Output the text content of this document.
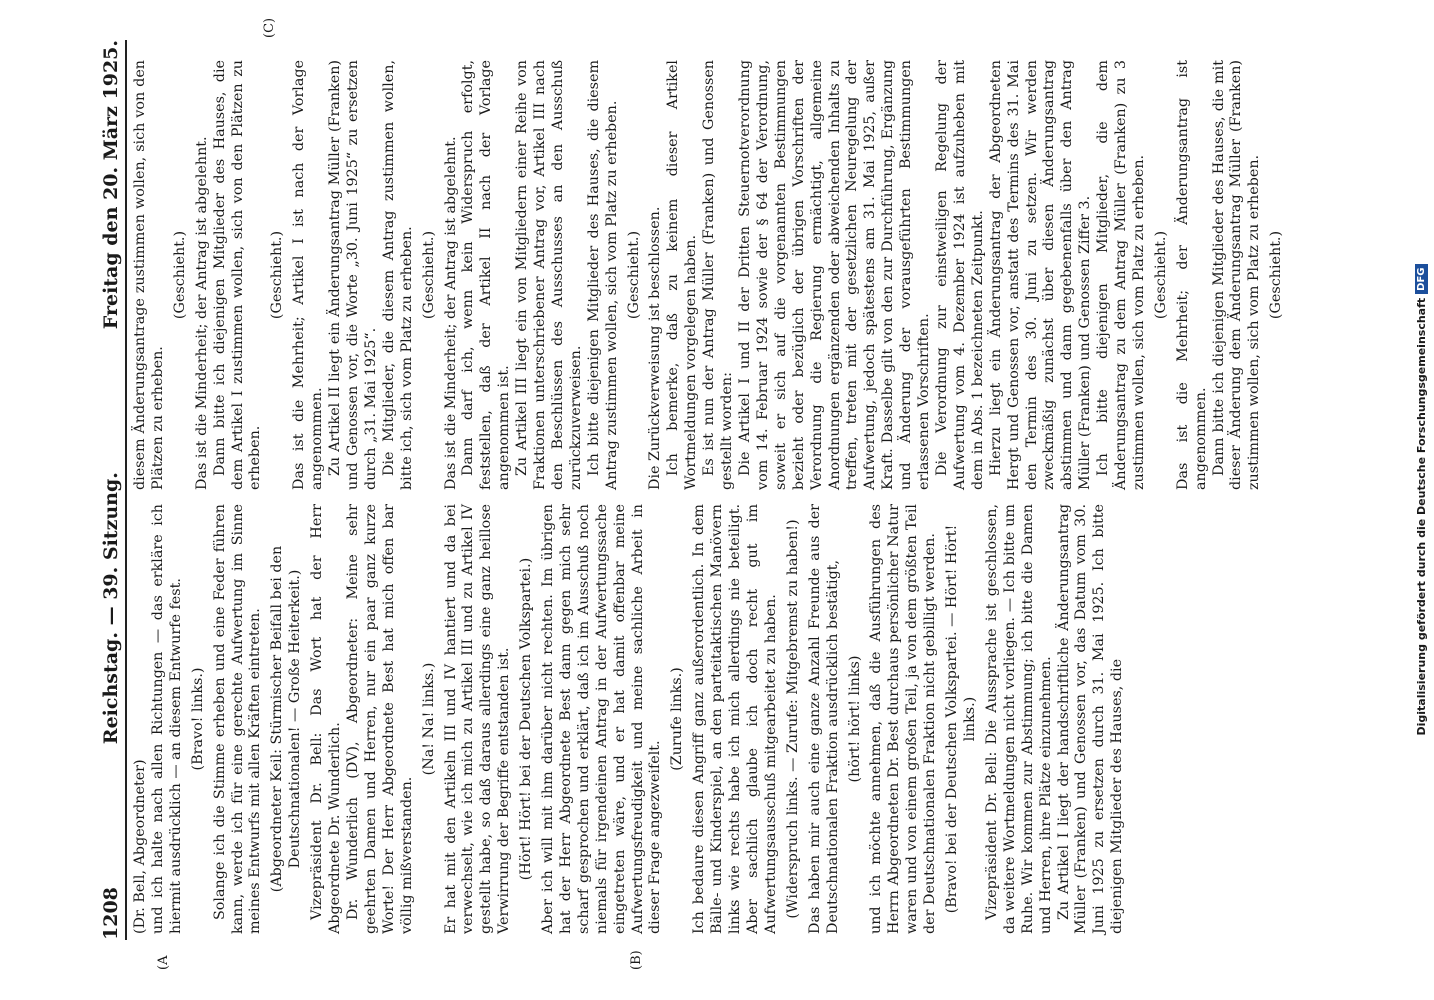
1208
Reichstag. — 39. Sitzung.
Freitag den 20. März 1925.
(A	(B)
(C)

(Dr. Bell, Abgeordneter) und ich halte nach allen Richtungen — das erkläre ich hiermit ausdrücklich — an diesem Entwurfe fest. (Bravo! links.) Solange ich die Stimme erheben und eine Feder führen kann, werde ich für eine gerechte Aufwertung im Sinne meines Entwurfs mit allen Kräften eintreten. (Abgeordneter Keil: Stürmischer Beifall bei den Deutschnationalen! — Große Heiterkeit.) Vizepräsident Dr. Bell: Das Wort hat der Herr Abgeordnete Dr. Wunderlich. Dr. Wunderlich (DV), Abgeordneter: Meine sehr geehrten Damen und Herren, nur ein paar ganz kurze Worte! Der Herr Abgeordnete Best hat mich offen bar völlig mißverstanden.

(Na! Na! links.) Er hat mit den Artikeln III und IV hantiert und da bei verwechselt, wie ich mich zu Artikel III und zu Artikel IV gestellt habe, so daß daraus allerdings eine ganz heillose Verwirrung der Begriffe entstanden ist. (Hört! Hört! bei der Deutschen Volkspartei.) Aber ich will mit ihm darüber nicht rechten. Im übrigen hat der Herr Abgeordnete Best dann gegen mich sehr scharf gesprochen und erklärt, daß ich im Ausschuß noch niemals für irgendeinen Antrag in der Aufwertungssache eingetreten wäre, und er hat damit offenbar meine Aufwertungsfreudigkeit und meine sachliche Arbeit in dieser Frage angezweifelt.

(Zurufe links.) Ich bedaure diesen Angriff ganz außerordentlich. In dem Bälle- und Kinderspiel, an den parteitaktischen Manövern links wie rechts habe ich mich allerdings nie beteiligt. Aber sachlich glaube ich doch recht gut im Aufwertungsausschuß mitgearbeitet zu haben. (Widerspruch links. — Zurufe: Mitgebremst zu haben!) Das haben mir auch eine ganze Anzahl Freunde aus der Deutschnationalen Fraktion ausdrücklich bestätigt, (hört! hört! links) und ich möchte annehmen, daß die Ausführungen des Herrn Abgeordneten Dr. Best durchaus persönlicher Natur waren und von einem großen Teil, ja von dem größten Teil der Deutschnationalen Fraktion nicht gebilligt werden. (Bravo! bei der Deutschen Volkspartei. — Hört! Hört! links.) Vizepräsident Dr. Bell: Die Aussprache ist geschlossen, da weitere Wortmeldungen nicht vorliegen. — Ich bitte um Ruhe. Wir kommen zur Abstimmung; ich bitte die Damen und Herren, ihre Plätze einzunehmen. Zu Artikel I liegt der handschriftliche Änderungsantrag Müller (Franken) und Genossen vor, das Datum vom 30. Juni 1925 zu ersetzen durch 31. Mai 1925. Ich bitte diejenigen Mitglieder des Hauses, die

diesem Änderungsantrage zustimmen wollen, sich von den Plätzen zu erheben.

(Geschieht.) Das ist die Minderheit; der Antrag ist abgelehnt. Dann bitte ich diejenigen Mitglieder des Hauses, die dem Artikel I zustimmen wollen, sich von den Plätzen zu erheben.

(Geschieht.) Das ist die Mehrheit; Artikel I ist nach der Vorlage angenommen. Zu Artikel II liegt ein Änderungsantrag Müller (Franken) und Genossen vor, die Worte „30. Juni 1925“ zu ersetzen durch „31. Mai 1925“. Die Mitglieder, die diesem Antrag zustimmen wollen, bitte ich, sich vom Platz zu erheben. (Geschieht.) Das ist die Minderheit; der Antrag ist abgelehnt. Dann darf ich, wenn kein Widerspruch erfolgt, feststellen, daß der Artikel II nach der Vorlage angenommen ist. Zu Artikel III liegt ein von Mitgliedern einer Reihe von Fraktionen unterschriebener Antrag vor, Artikel III nach den Beschlüssen des Ausschusses an den Ausschuß zurückzuverweisen. Ich bitte diejenigen Mitglieder des Hauses, die diesem Antrag zustimmen wollen, sich vom Platz zu erheben. (Geschieht.) Die Zurückverweisung ist beschlossen. Ich bemerke, daß zu keinem dieser Artikel Wortmeldungen vorgelegen haben. Es ist nun der Antrag Müller (Franken) und Genossen gestellt worden: Die Artikel I und II der Dritten Steuernotverordnung vom 14. Februar 1924 sowie der § 64 der Verordnung, soweit er sich auf die vorgenannten Bestimmungen bezieht oder bezüglich der übrigen Vorschriften der Verordnung die Regierung ermächtigt, allgemeine Anordnungen ergänzenden oder abweichenden Inhalts zu treffen, treten mit der gesetzlichen Neuregelung der Aufwertung, jedoch spätestens am 31. Mai 1925, außer Kraft. Dasselbe gilt von den zur Durchführung, Ergänzung und Änderung der vorausgeführten Bestimmungen erlassenen Vorschriften. Die Verordnung zur einstweiligen Regelung der Aufwertung vom 4. Dezember 1924 ist aufzuheben mit dem in Abs. 1 bezeichneten Zeitpunkt. Hierzu liegt ein Änderungsantrag der Abgeordneten Hergt und Genossen vor, anstatt des Termins des 31. Mai den Termin des 30. Juni zu setzen. Wir werden zweckmäßig zunächst über diesen Änderungsantrag abstimmen und dann gegebenenfalls über den Antrag Müller (Franken) und Genossen Ziffer 3. Ich bitte diejenigen Mitglieder, die dem Änderungsantrag zu dem Antrag Müller (Franken) zu 3 zustimmen wollen, sich vom Platz zu erheben. (Geschieht.) Das ist die Mehrheit; der Änderungsantrag ist angenommen. Dann bitte ich diejenigen Mitglieder des Hauses, die mit dieser Änderung dem Änderungsantrag Müller (Franken) zustimmen wollen, sich vom Platz zu erheben. (Geschieht.)

Digitalisierung gefördert durch die Deutsche Forschungsgemeinschaft
DFG
